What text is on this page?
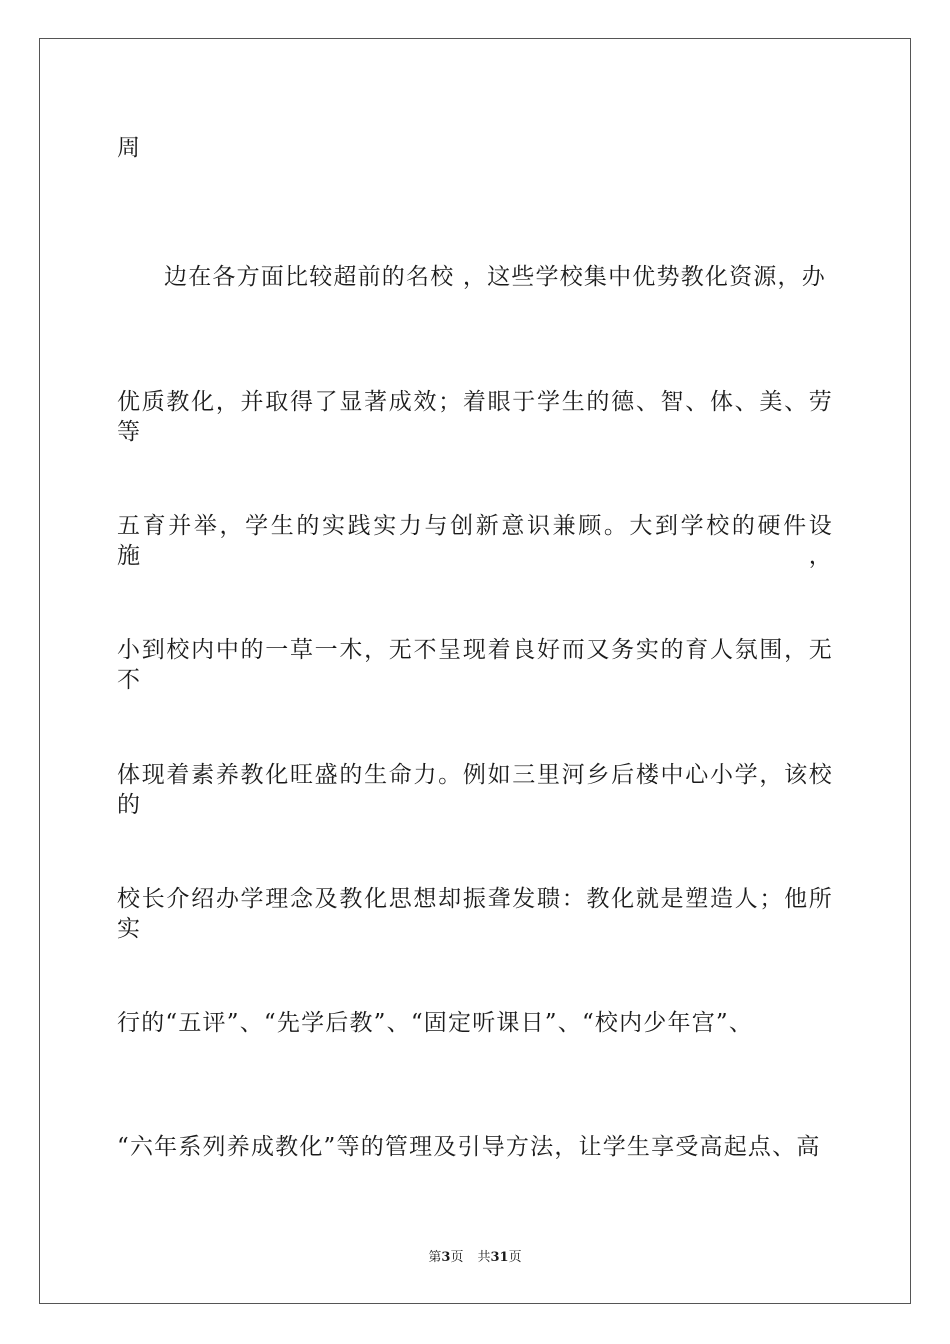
周
边在各方面比较超前的名校 ，这些学校集中优势教化资源，办
优质教化，并取得了显著成效；着眼于学生的德、智、体、美、劳等
五育并举，学生的实践实力与创新意识兼顾。大到学校的硬件设施，
小到校内中的一草一木，无不呈现着良好而又务实的育人氛围，无不
体现着素养教化旺盛的生命力。例如三里河乡后楼中心小学，该校的
校长介绍办学理念及教化思想却振聋发聩：教化就是塑造人；他所实
行的“五评”、“先学后教”、“固定听课日”、“校内少年宫”、
“六年系列养成教化”等的管理及引导方法，让学生享受高起点、高
第3页 共31页
